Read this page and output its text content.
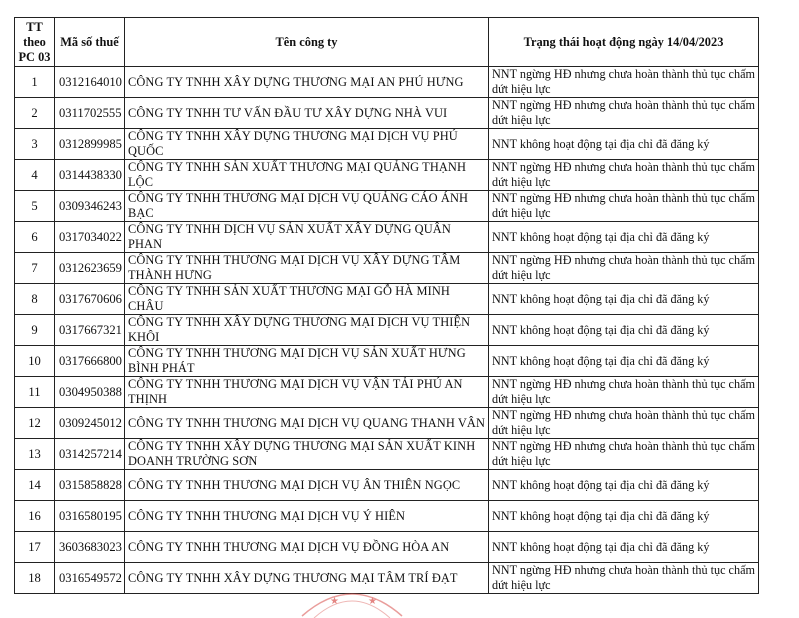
TT theo PC 03	Mã số thuế	Tên công ty	Trạng thái hoạt động ngày 14/04/2023
1	0312164010	CÔNG TY TNHH XÂY DỰNG THƯƠNG MẠI AN PHÚ HƯNG	NNT ngừng HĐ nhưng chưa hoàn thành thủ tục chấm dứt hiệu lực
2	0311702555	CÔNG TY TNHH TƯ VẤN ĐẦU TƯ XÂY DỰNG NHÀ VUI	NNT ngừng HĐ nhưng chưa hoàn thành thủ tục chấm dứt hiệu lực
3	0312899985	CÔNG TY TNHH XÂY DỰNG THƯƠNG MẠI DỊCH VỤ PHÚ QUỐC	NNT không hoạt động tại địa chỉ đã đăng ký
4	0314438330	CÔNG TY TNHH SẢN XUẤT THƯƠNG MẠI QUẢNG THẠNH LỘC	NNT ngừng HĐ nhưng chưa hoàn thành thủ tục chấm dứt hiệu lực
5	0309346243	CÔNG TY TNHH THƯƠNG MẠI DỊCH VỤ QUẢNG CÁO ÁNH BẠC	NNT ngừng HĐ nhưng chưa hoàn thành thủ tục chấm dứt hiệu lực
6	0317034022	CÔNG TY TNHH DỊCH VỤ SẢN XUẤT XÂY DỰNG QUÂN PHAN	NNT không hoạt động tại địa chỉ đã đăng ký
7	0312623659	CÔNG TY TNHH THƯƠNG MẠI DỊCH VỤ XÂY DỰNG TÂM THÀNH HƯNG	NNT ngừng HĐ nhưng chưa hoàn thành thủ tục chấm dứt hiệu lực
8	0317670606	CÔNG TY TNHH SẢN XUẤT THƯƠNG MẠI GỖ HÀ MINH CHÂU	NNT không hoạt động tại địa chỉ đã đăng ký
9	0317667321	CÔNG TY TNHH XÂY DỰNG THƯƠNG MẠI DỊCH VỤ THIỆN KHÔI	NNT không hoạt động tại địa chỉ đã đăng ký
10	0317666800	CÔNG TY TNHH THƯƠNG MẠI DỊCH VỤ SẢN XUẤT HƯNG BÌNH PHÁT	NNT không hoạt động tại địa chỉ đã đăng ký
11	0304950388	CÔNG TY TNHH THƯƠNG MẠI DỊCH VỤ VẬN TẢI PHÚ AN THỊNH	NNT ngừng HĐ nhưng chưa hoàn thành thủ tục chấm dứt hiệu lực
12	0309245012	CÔNG TY TNHH THƯƠNG MẠI DỊCH VỤ QUANG THANH VÂN	NNT ngừng HĐ nhưng chưa hoàn thành thủ tục chấm dứt hiệu lực
13	0314257214	CÔNG TY TNHH XÂY DỰNG THƯƠNG MẠI SẢN XUẤT KINH DOANH TRƯỜNG SƠN	NNT ngừng HĐ nhưng chưa hoàn thành thủ tục chấm dứt hiệu lực
14	0315858828	CÔNG TY TNHH THƯƠNG MẠI DỊCH VỤ ÂN THIÊN NGỌC	NNT không hoạt động tại địa chỉ đã đăng ký
16	0316580195	CÔNG TY TNHH THƯƠNG MẠI DỊCH VỤ Ý HIÊN	NNT không hoạt động tại địa chỉ đã đăng ký
17	3603683023	CÔNG TY TNHH THƯƠNG MẠI DỊCH VỤ ĐỒNG HÒA AN	NNT không hoạt động tại địa chỉ đã đăng ký
18	0316549572	CÔNG TY TNHH XÂY DỰNG THƯƠNG MẠI TÂM TRÍ ĐẠT	NNT ngừng HĐ nhưng chưa hoàn thành thủ tục chấm dứt hiệu lực
★	★
